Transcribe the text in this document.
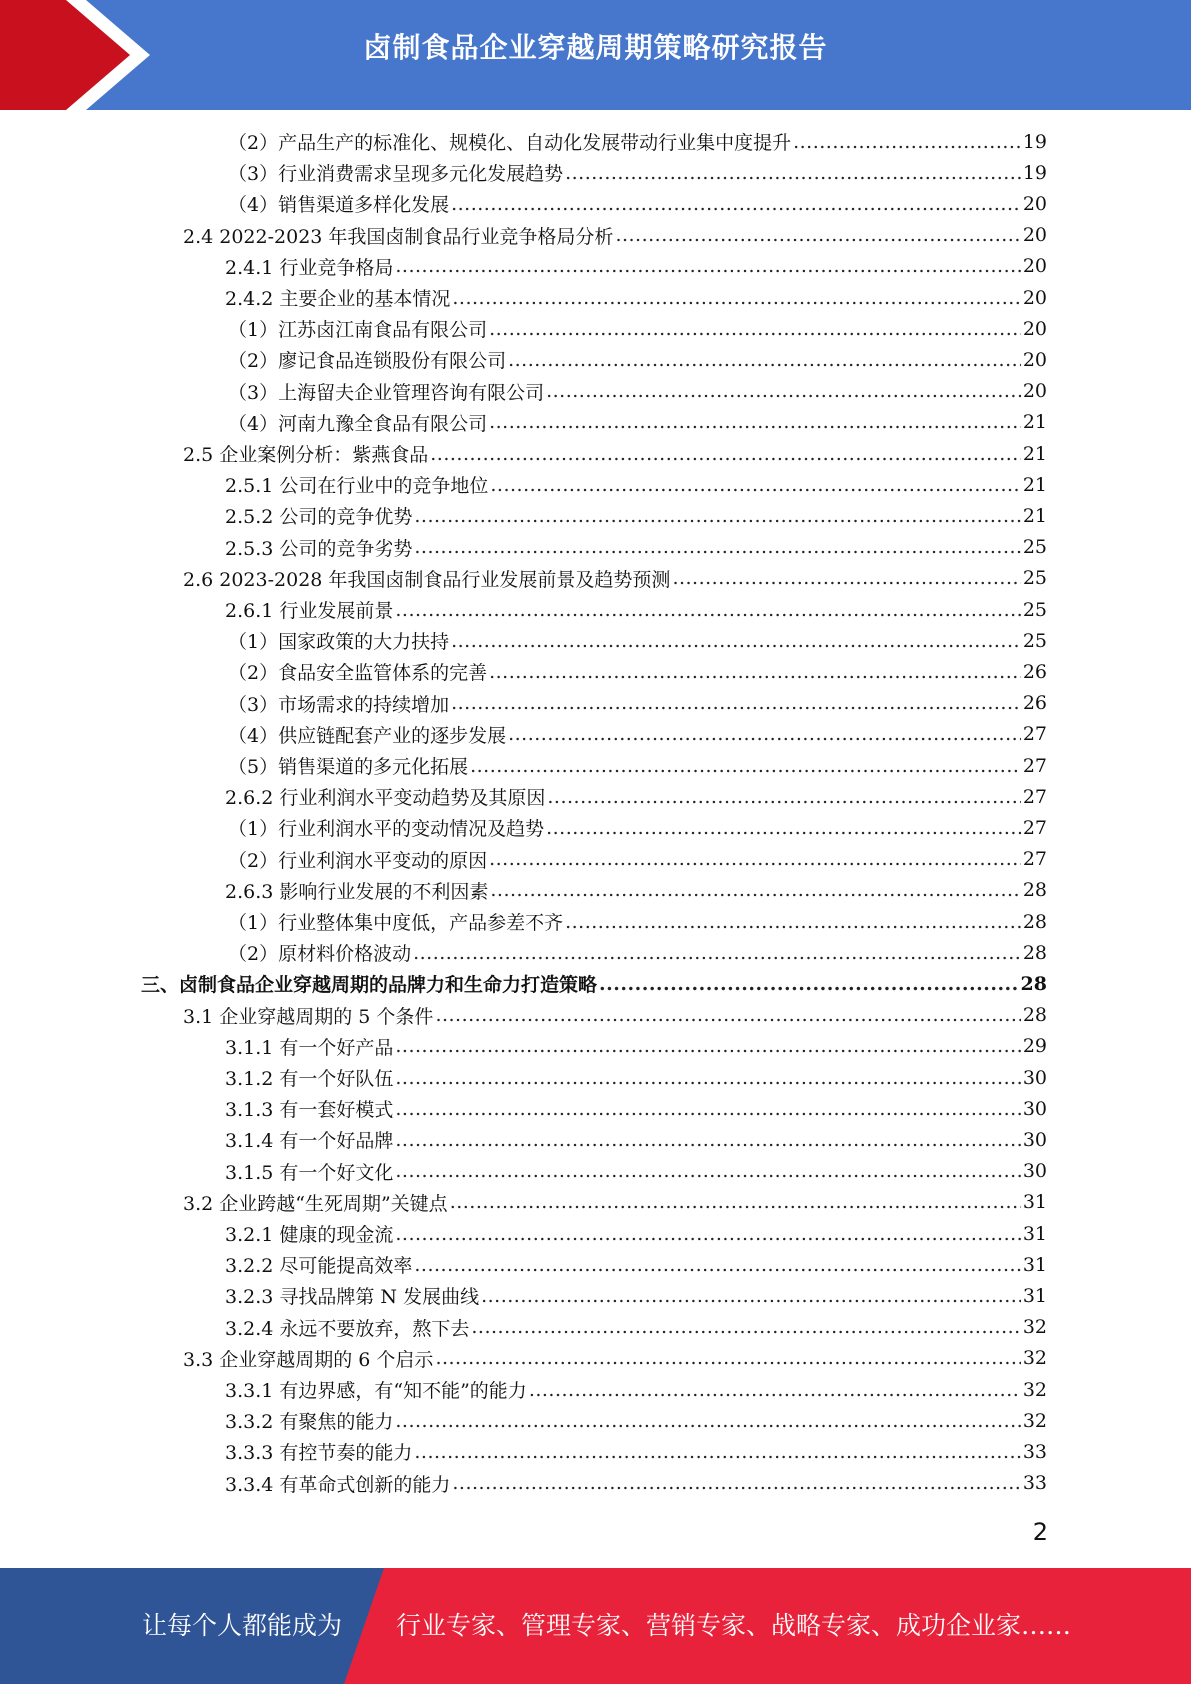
卤制食品企业穿越周期策略研究报告
（2）产品生产的标准化、规模化、自动化发展带动行业集中度提升 .....	19
（3）行业消费需求呈现多元化发展趋势 .....	19
（4）销售渠道多样化发展 .....	20
2.4 2022-2023 年我国卤制食品行业竞争格局分析 .....	20
2.4.1 行业竞争格局 .....	20
2.4.2 主要企业的基本情况 .....	20
（1）江苏卤江南食品有限公司 .....	20
（2）廖记食品连锁股份有限公司 .....	20
（3）上海留夫企业管理咨询有限公司 .....	20
（4）河南九豫全食品有限公司 .....	21
2.5 企业案例分析：紫燕食品 .....	21
2.5.1 公司在行业中的竞争地位 .....	21
2.5.2 公司的竞争优势 .....	21
2.5.3 公司的竞争劣势 .....	25
2.6 2023-2028 年我国卤制食品行业发展前景及趋势预测 .....	25
2.6.1 行业发展前景 .....	25
（1）国家政策的大力扶持 .....	25
（2）食品安全监管体系的完善 .....	26
（3）市场需求的持续增加 .....	26
（4）供应链配套产业的逐步发展 .....	27
（5）销售渠道的多元化拓展 .....	27
2.6.2 行业利润水平变动趋势及其原因 .....	27
（1）行业利润水平的变动情况及趋势 .....	27
（2）行业利润水平变动的原因 .....	27
2.6.3 影响行业发展的不利因素 .....	28
（1）行业整体集中度低，产品参差不齐 .....	28
（2）原材料价格波动 .....	28
三、卤制食品企业穿越周期的品牌力和生命力打造策略 .....	28
3.1 企业穿越周期的 5 个条件 .....	28
3.1.1 有一个好产品 .....	29
3.1.2 有一个好队伍 .....	30
3.1.3 有一套好模式 .....	30
3.1.4 有一个好品牌 .....	30
3.1.5 有一个好文化 .....	30
3.2 企业跨越“生死周期”关键点 .....	31
3.2.1 健康的现金流 .....	31
3.2.2 尽可能提高效率 .....	31
3.2.3 寻找品牌第 N 发展曲线 .....	31
3.2.4 永远不要放弃，熬下去 .....	32
3.3 企业穿越周期的 6 个启示 .....	32
3.3.1 有边界感，有“知不能”的能力 .....	32
3.3.2 有聚焦的能力 .....	32
3.3.3 有控节奏的能力 .....	33
3.3.4 有革命式创新的能力 .....	33
2
让每个人都能成为 行业专家、管理专家、营销专家、战略专家、成功企业家……
